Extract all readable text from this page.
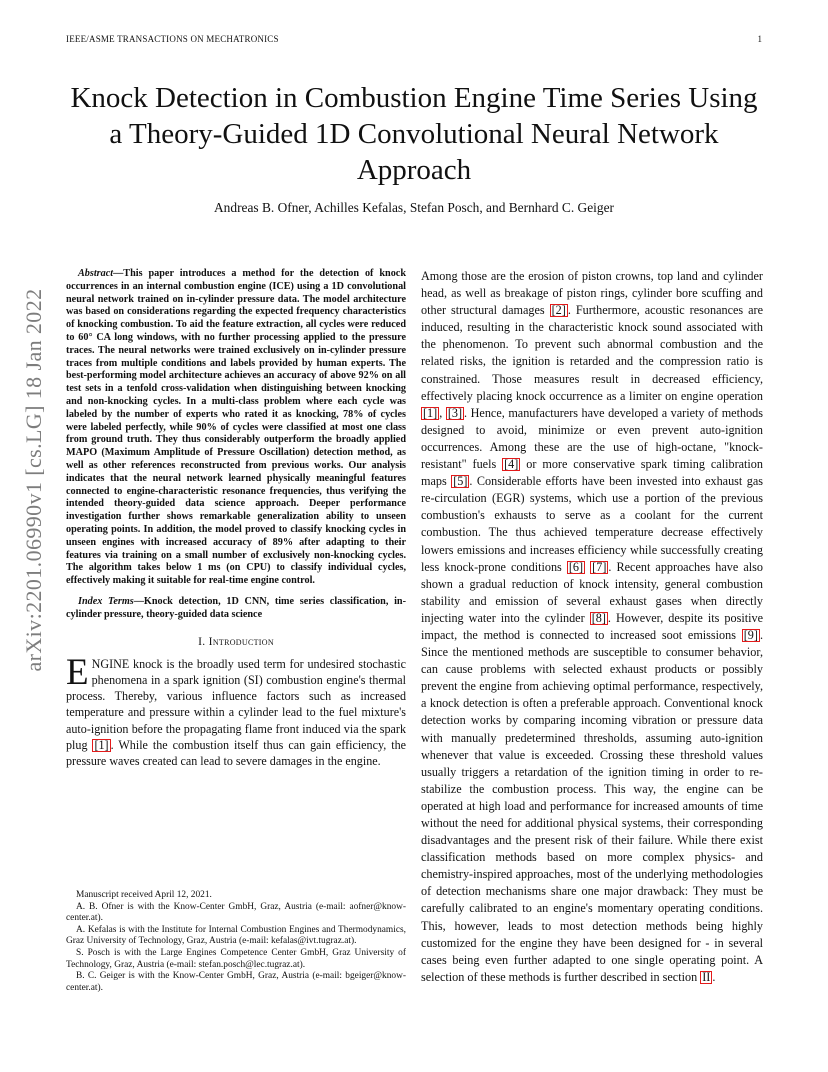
IEEE/ASME TRANSACTIONS ON MECHATRONICS	1
arXiv:2201.06990v1 [cs.LG] 18 Jan 2022
Knock Detection in Combustion Engine Time Series Using a Theory-Guided 1D Convolutional Neural Network Approach
Andreas B. Ofner, Achilles Kefalas, Stefan Posch, and Bernhard C. Geiger

Abstract—This paper introduces a method for the detection of knock occurrences in an internal combustion engine (ICE) using a 1D convolutional neural network trained on in-cylinder pressure data. The model architecture was based on considerations regarding the expected frequency characteristics of knocking combustion. To aid the feature extraction, all cycles were reduced to 60° CA long windows, with no further processing applied to the pressure traces. The neural networks were trained exclusively on in-cylinder pressure traces from multiple conditions and labels provided by human experts. The best-performing model architecture achieves an accuracy of above 92% on all test sets in a tenfold cross-validation when distinguishing between knocking and non-knocking cycles. In a multi-class problem where each cycle was labeled by the number of experts who rated it as knocking, 78% of cycles were labeled perfectly, while 90% of cycles were classified at most one class from ground truth. They thus considerably outperform the broadly applied MAPO (Maximum Amplitude of Pressure Oscillation) detection method, as well as other references reconstructed from previous works. Our analysis indicates that the neural network learned physically meaningful features connected to engine-characteristic resonance frequencies, thus verifying the intended theory-guided data science approach. Deeper performance investigation further shows remarkable generalization ability to unseen operating points. In addition, the model proved to classify knocking cycles in unseen engines with increased accuracy of 89% after adapting to their features via training on a small number of exclusively non-knocking cycles. The algorithm takes below 1 ms (on CPU) to classify individual cycles, effectively making it suitable for real-time engine control.

Index Terms—Knock detection, 1D CNN, time series classification, in-cylinder pressure, theory-guided data science

I. Introduction

ENGINE knock is the broadly used term for undesired stochastic phenomena in a spark ignition (SI) combustion engine's thermal process. Thereby, various influence factors such as increased temperature and pressure within a cylinder lead to the fuel mixture's auto-ignition before the propagating flame front induced via the spark plug [1] . While the combustion itself thus can gain efficiency, the pressure waves created can lead to severe damages in the engine.

Manuscript received April 12, 2021.

A. B. Ofner is with the Know-Center GmbH, Graz, Austria (e-mail: aofner@know-center.at).

A. Kefalas is with the Institute for Internal Combustion Engines and Thermodynamics, Graz University of Technology, Graz, Austria (e-mail: kefalas@ivt.tugraz.at).

S. Posch is with the Large Engines Competence Center GmbH, Graz University of Technology, Graz, Austria (e-mail: stefan.posch@lec.tugraz.at).

B. C. Geiger is with the Know-Center GmbH, Graz, Austria (e-mail: bgeiger@know-center.at).

Among those are the erosion of piston crowns, top land and cylinder head, as well as breakage of piston rings, cylinder bore scuffing and other structural damages [2] . Furthermore, acoustic resonances are induced, resulting in the characteristic knock sound associated with the phenomenon. To prevent such abnormal combustion and the related risks, the ignition is retarded and the compression ratio is constrained. Those measures result in decreased efficiency, effectively placing knock occurrence as a limiter on engine operation [1] , [3] . Hence, manufacturers have developed a variety of methods designed to avoid, minimize or even prevent auto-ignition occurrences. Among these are the use of high-octane, "knock-resistant" fuels [4] or more conservative spark timing calibration maps [5] . Considerable efforts have been invested into exhaust gas re-circulation (EGR) systems, which use a portion of the previous combustion's exhausts to serve as a coolant for the current combustion. The thus achieved temperature decrease effectively lowers emissions and increases efficiency while successfully creating less knock-prone conditions [6] [7] . Recent approaches have also shown a gradual reduction of knock intensity, general combustion stability and emission of several exhaust gases when directly injecting water into the cylinder [8] . However, despite its positive impact, the method is connected to increased soot emissions [9] . Since the mentioned methods are susceptible to consumer behavior, can cause problems with selected exhaust products or possibly prevent the engine from achieving optimal performance, respectively, a knock detection is often a preferable approach. Conventional knock detection works by comparing incoming vibration or pressure data with manually predetermined thresholds, assuming auto-ignition whenever that value is exceeded. Crossing these threshold values usually triggers a retardation of the ignition timing in order to re-stabilize the combustion process. This way, the engine can be operated at high load and performance for increased amounts of time without the need for additional physical systems, their corresponding disadvantages and the present risk of their failure. While there exist classification methods based on more complex physics- and chemistry-inspired approaches, most of the underlying methodologies of detection mechanisms share one major drawback: They must be carefully calibrated to an engine's momentary operating conditions. This, however, leads to most detection methods being highly customized for the engine they have been designed for - in several cases being even further adapted to one single operating point. A selection of these methods is further described in section II .
